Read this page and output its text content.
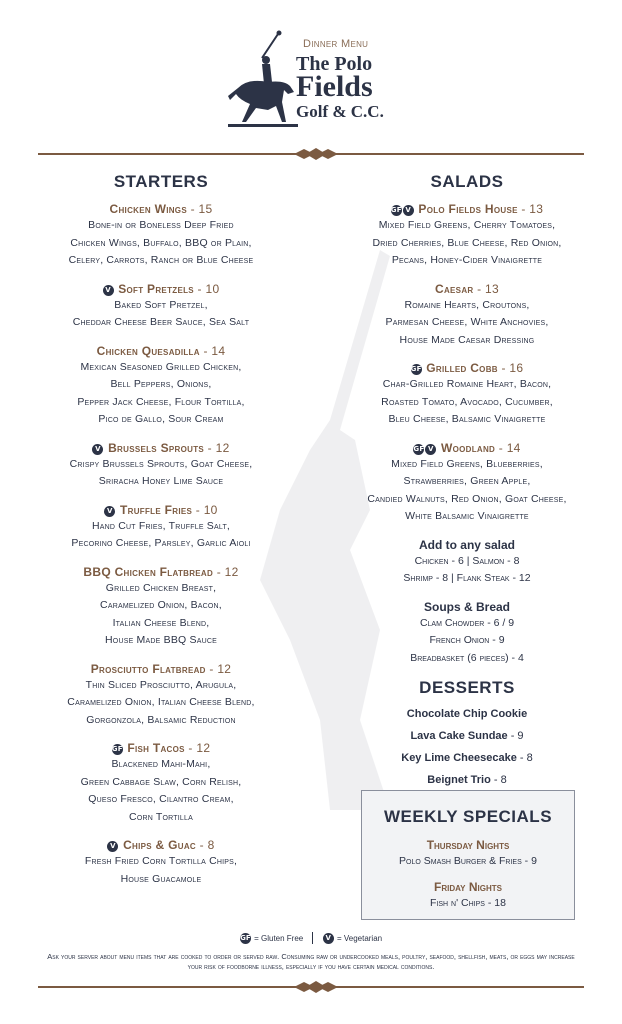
Dinner Menu
The Polo
Fields
Golf & C.C.
STARTERS
Chicken Wings - 15
Bone-in or Boneless Deep Fried
Chicken Wings, Buffalo, BBQ or Plain,
Celery, Carrots, Ranch or Blue Cheese
V Soft Pretzels - 10
Baked Soft Pretzel,
Cheddar Cheese Beer Sauce, Sea Salt
Chicken Quesadilla - 14
Mexican Seasoned Grilled Chicken,
Bell Peppers, Onions,
Pepper Jack Cheese, Flour Tortilla,
Pico de Gallo, Sour Cream
V Brussels Sprouts - 12
Crispy Brussels Sprouts, Goat Cheese,
Sriracha Honey Lime Sauce
V Truffle Fries - 10
Hand Cut Fries, Truffle Salt,
Pecorino Cheese, Parsley, Garlic Aioli
BBQ Chicken Flatbread - 12
Grilled Chicken Breast,
Caramelized Onion, Bacon,
Italian Cheese Blend,
House Made BBQ Sauce
Prosciutto Flatbread - 12
Thin Sliced Prosciutto, Arugula,
Caramelized Onion, Italian Cheese Blend,
Gorgonzola, Balsamic Reduction
GF Fish Tacos - 12
Blackened Mahi-Mahi,
Green Cabbage Slaw, Corn Relish,
Queso Fresco, Cilantro Cream,
Corn Tortilla
V Chips & Guac - 8
Fresh Fried Corn Tortilla Chips,
House Guacamole
SALADS
GF V Polo Fields House - 13
Mixed Field Greens, Cherry Tomatoes,
Dried Cherries, Blue Cheese, Red Onion,
Pecans, Honey-Cider Vinaigrette
Caesar - 13
Romaine Hearts, Croutons,
Parmesan Cheese, White Anchovies,
House Made Caesar Dressing
GF Grilled Cobb - 16
Char-Grilled Romaine Heart, Bacon,
Roasted Tomato, Avocado, Cucumber,
Bleu Cheese, Balsamic Vinaigrette
GF V Woodland - 14
Mixed Field Greens, Blueberries,
Strawberries, Green Apple,
Candied Walnuts, Red Onion, Goat Cheese,
White Balsamic Vinaigrette
Add to any salad
Chicken - 6 | Salmon - 8
Shrimp - 8 | Flank Steak - 12
Soups & Bread
Clam Chowder - 6 / 9
French Onion - 9
Breadbasket (6 pieces) - 4
DESSERTS
Chocolate Chip Cookie
Lava Cake Sundae - 9
Key Lime Cheesecake - 8
Beignet Trio - 8
WEEKLY SPECIALS
Thursday Nights
Polo Smash Burger & Fries - 9
Friday Nights
Fish n' Chips - 18
GF = Gluten Free	V = Vegetarian
Ask your server about menu items that are cooked to order or served raw. Consuming raw or undercooked meals, poultry, seafood, shellfish, meats, or eggs may increase your risk of foodborne illness, especially if you have certain medical conditions.
